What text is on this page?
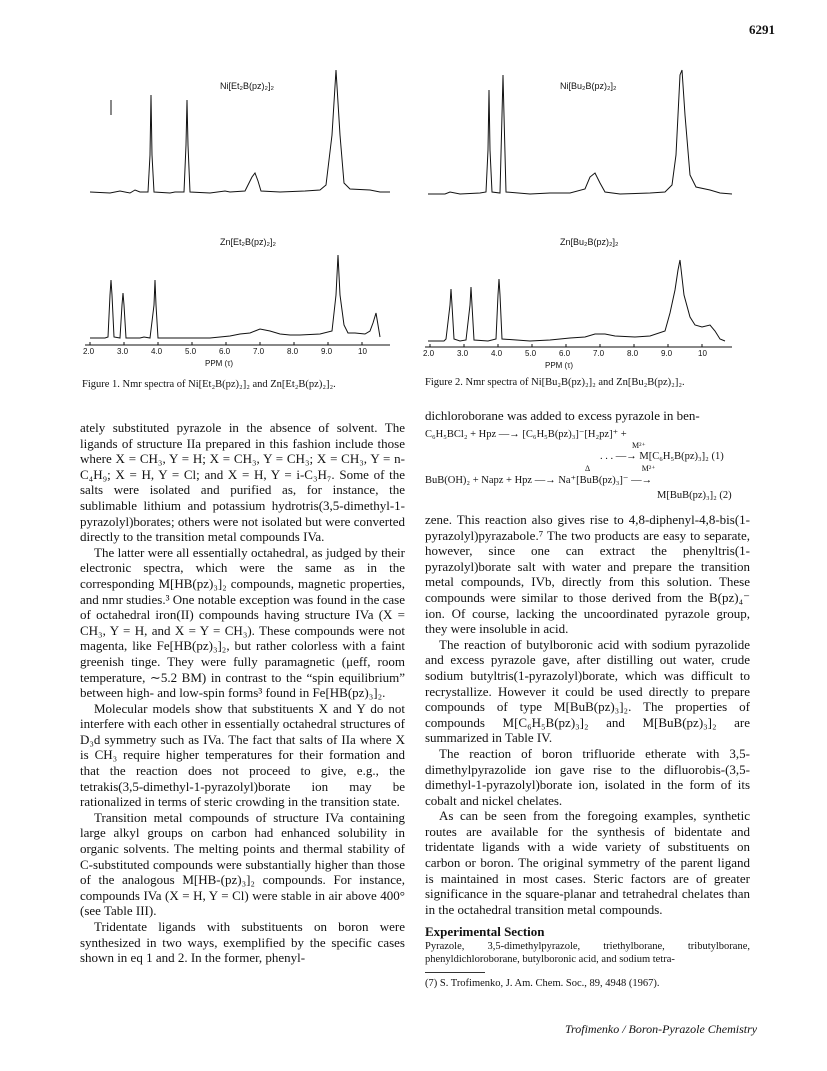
6291
Ni[Et₂B(pz)₂]₂
Zn[Et₂B(pz)₂]₂
2.0	3.0	4.0	5.0	6.0	7.0	8.0	9.0	10
PPM (τ)
Figure 1. Nmr spectra of Ni[Et₂B(pz)₂]₂ and Zn[Et₂B(pz)₂]₂.
Ni[Bu₂B(pz)₂]₂
Zn[Bu₂B(pz)₂]₂
2.0	3.0	4.0	5.0	6.0	7.0	8.0	9.0	10
PPM (τ)
Figure 2. Nmr spectra of Ni[Bu₂B(pz)₂]₂ and Zn[Bu₂B(pz)₂]₂.

ately substituted pyrazole in the absence of solvent. The ligands of structure IIa prepared in this fashion include those where X = CH₃, Y = H; X = CH₃, Y = CH₃; X = CH₃, Y = n-C₄H₉; X = H, Y = Cl; and X = H, Y = i-C₃H₇. Some of the salts were isolated and purified as, for instance, the sublimable lithium and potassium hydrotris(3,5-dimethyl-1-pyrazolyl)borates; others were not isolated but were converted directly to the transition metal compounds IVa.

The latter were all essentially octahedral, as judged by their electronic spectra, which were the same as in the corresponding M[HB(pz)₃]₂ compounds, magnetic properties, and nmr studies.³ One notable exception was found in the case of octahedral iron(II) compounds having structure IVa (X = CH₃, Y = H, and X = Y = CH₃). These compounds were not magenta, like Fe[HB(pz)₃]₂, but rather colorless with a faint greenish tinge. They were fully paramagnetic (μeff, room temperature, ∼5.2 BM) in contrast to the “spin equilibrium” between high- and low-spin forms³ found in Fe[HB(pz)₃]₂.

Molecular models show that substituents X and Y do not interfere with each other in essentially octahedral structures of D₃d symmetry such as IVa. The fact that salts of IIa where X is CH₃ require higher temperatures for their formation and that the reaction does not proceed to give, e.g., the tetrakis(3,5-dimethyl-1-pyrazolyl)borate ion may be rationalized in terms of steric crowding in the transition state.

Transition metal compounds of structure IVa containing large alkyl groups on carbon had enhanced solubility in organic solvents. The melting points and thermal stability of C-substituted compounds were substantially higher than those of the analogous M[HB-(pz)₃]₂ compounds. For instance, compounds IVa (X = H, Y = Cl) were stable in air above 400° (see Table III).

Tridentate ligands with substituents on boron were synthesized in two ways, exemplified by the specific cases shown in eq 1 and 2. In the former, phenyl-

dichloroborane was added to excess pyrazole in ben-

C₆H₅BCl₂ + Hpz —→ [C₆H₅B(pz)₃]⁻[H₂pz]⁺ +
M²⁺
. . . —→ M[C₆H₅B(pz)₃]₂ (1)
Δ                          M²⁺
BuB(OH)₂ + Napz + Hpz —→ Na⁺[BuB(pz)₃]⁻ —→
M[BuB(pz)₃]₂ (2)

zene. This reaction also gives rise to 4,8-diphenyl-4,8-bis(1-pyrazolyl)pyrazabole.⁷ The two products are easy to separate, however, since one can extract the phenyltris(1-pyrazolyl)borate salt with water and prepare the transition metal compounds, IVb, directly from this solution. These compounds were similar to those derived from the B(pz)₄⁻ ion. Of course, lacking the uncoordinated pyrazole group, they were insoluble in acid.

The reaction of butylboronic acid with sodium pyrazolide and excess pyrazole gave, after distilling out water, crude sodium butyltris(1-pyrazolyl)borate, which was difficult to recrystallize. However it could be used directly to prepare compounds of type M[BuB(pz)₃]₂. The properties of compounds M[C₆H₅B(pz)₃]₂ and M[BuB(pz)₃]₂ are summarized in Table IV.

The reaction of boron trifluoride etherate with 3,5-dimethylpyrazolide ion gave rise to the difluorobis-(3,5-dimethyl-1-pyrazolyl)borate ion, isolated in the form of its cobalt and nickel chelates.

As can be seen from the foregoing examples, synthetic routes are available for the synthesis of bidentate and tridentate ligands with a wide variety of substituents on carbon or boron. The original symmetry of the parent ligand is maintained in most cases. Steric factors are of greater significance in the square-planar and tetrahedral chelates than in the octahedral transition metal compounds.

Experimental Section
Pyrazole, 3,5-dimethylpyrazole, triethylborane, tributylborane, phenyldichloroborane, butylboronic acid, and sodium tetra-
(7) S. Trofimenko, J. Am. Chem. Soc., 89, 4948 (1967).
Trofimenko / Boron-Pyrazole Chemistry
